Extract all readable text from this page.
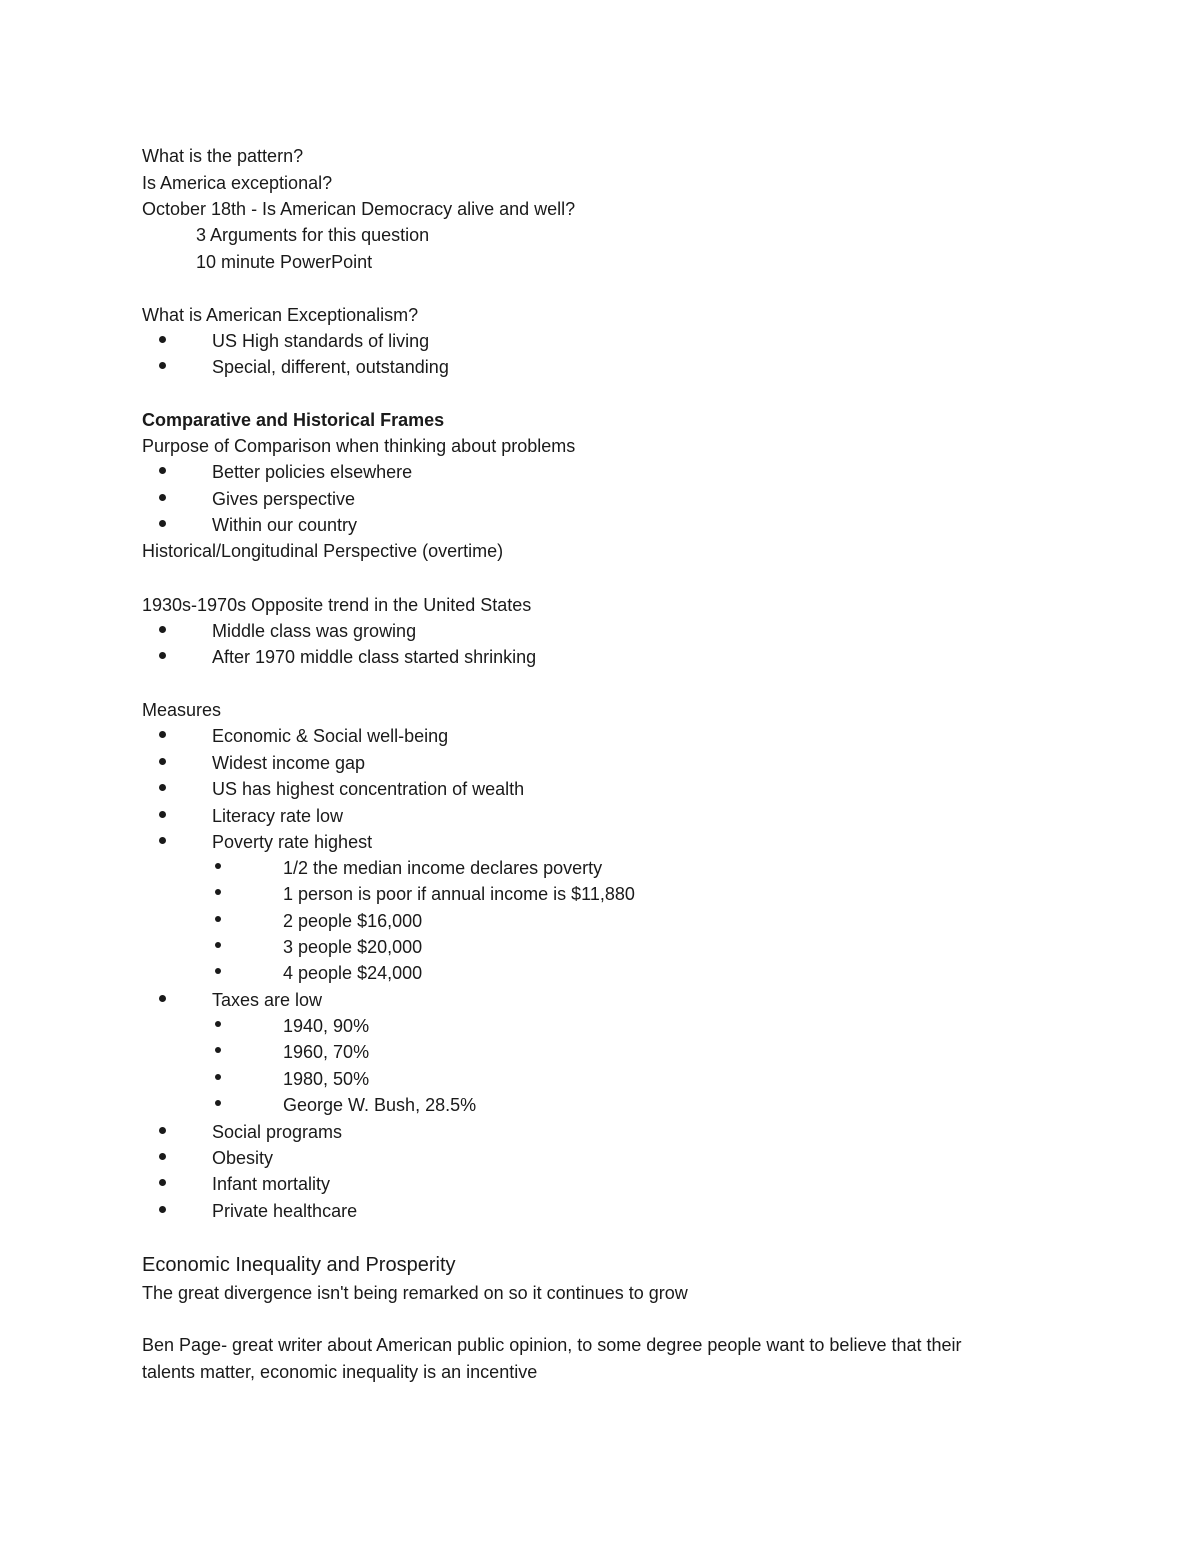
What is the pattern?
Is America exceptional?
October 18th - Is American Democracy alive and well?
3 Arguments for this question
10 minute PowerPoint
What is American Exceptionalism?
US High standards of living
Special, different, outstanding
Comparative and Historical Frames
Purpose of Comparison when thinking about problems
Better policies elsewhere
Gives perspective
Within our country
Historical/Longitudinal Perspective (overtime)
1930s-1970s Opposite trend in the United States
Middle class was growing
After 1970 middle class started shrinking
Measures
Economic & Social well-being
Widest income gap
US has highest concentration of wealth
Literacy rate low
Poverty rate highest
1/2 the median income declares poverty
1 person is poor if annual income is $11,880
2 people $16,000
3 people $20,000
4 people $24,000
Taxes are low
1940, 90%
1960, 70%
1980, 50%
George W. Bush, 28.5%
Social programs
Obesity
Infant mortality
Private healthcare
Economic Inequality and Prosperity
The great divergence isn't being remarked on so it continues to grow
Ben Page- great writer about American public opinion, to some degree people want to believe that their
talents matter, economic inequality is an incentive
